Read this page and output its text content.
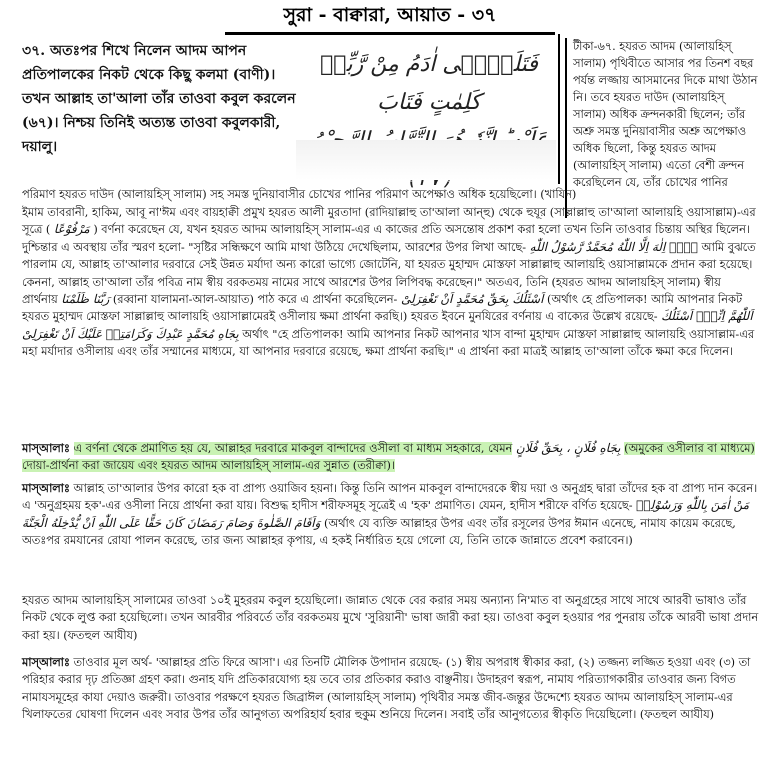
সুরা - বাক্বারা, আয়াত - ৩৭
৩৭. অতঃপর শিখে নিলেন আদম আপন প্রতিপালকের নিকট থেকে কিছু কলমা (বাণী)। তখন আল্লাহ তা'আলা তাঁর তাওবা কবুল করলেন (৬৭)। নিশ্চয় তিনিই অত্যন্ত তাওবা কবুলকারী, দয়ালু।
فَتَلَقّٰۤى اٰدَمُ مِنْ رَّبِّهٖ كَلِمٰتٍ فَتَابَ
টীকা-৬৭. হযরত আদম (আলায়হিস্ সালাম) পৃথিবীতে আসার পর তিনশ বছর পর্যন্ত লজ্জায় আসমানের দিকে মাথা উঠান নি। তবে হযরত দাউদ (আলায়হিস্ সালাম) অধিক ক্রন্দনকারী ছিলেন; তাঁর অশ্রু সমস্ত দুনিয়াবাসীর অশ্রু অপেক্ষাও অধিক ছিলো, কিন্তু হযরত আদম (আলায়হিস্ সালাম) এতো বেশী ক্রন্দন করেছিলেন যে, তাঁর চোখের পানির
পরিমাণ হযরত দাউদ (আলায়হিস্ সালাম) সহ সমস্ত দুনিয়াবাসীর চোখের পানির পরিমাণ অপেক্ষাও অধিক হয়েছিলো। (খাযিন)
ইমাম তাবরানী, হাকিম, আবূ না'ঈম এবং বায়হাক্বী প্রমুখ হযরত আলী মুরতাদা (রাদিয়াল্লাহু তা'আলা আন্হু) থেকে হুযূর (সাল্লাল্লাহু তা'আলা আলায়হি ওয়াসাল্লাম)-এর সূত্রে ( مَرْفُوْعًا ) বর্ণনা করেছেন যে, যখন হযরত আদম আলায়হিস্ সালাম-এর এ কাজের প্রতি অসন্তোষ প্রকাশ করা হলো তখন তিনি তাওবার চিন্তায় অস্থির ছিলেন। দুশ্চিন্তার এ অবস্থায় তাঁর স্মরণ হলো- "সৃষ্টির সন্ধিক্ষণে আমি মাথা উঠিয়ে দেখেছিলাম, আরশের উপর লিখা আছে- لَاۤ اِلٰهَ اِلَّا اللّٰهُ مُحَمَّدٌ رَّسُوْلُ اللّٰهِ আমি বুঝতে পারলাম যে, আল্লাহ তা'আলার দরবারে সেই উন্নত মর্যাদা অন্য কারো ভাগ্যে জোটেনি, যা হযরত মুহাম্মদ মোস্তফা সাল্লাল্লাহু আলায়হি ওয়াসাল্লামকে প্রদান করা হয়েছে। কেননা, আল্লাহ তা'আলা তাঁর পবিত্র নাম স্বীয় বরকতময় নামের সাথে আরশের উপর লিপিবদ্ধ করেছেন।" অতএব, তিনি (হযরত আদম আলায়হিস্ সালাম) স্বীয় প্রার্থনায় رَبَّنَا ظَلَمْنَا (রব্বানা যালামনা-আল-আয়াত) পাঠ করে এ প্রার্থনা করেছিলেন- اَسْئَلُكَ بِحَقِّ مُحَمَّدٍ اَنْ تَغْفِرَلِىْ (অর্থাৎ হে প্রতিপালক! আমি আপনার নিকট হযরত মুহাম্মদ মোস্তফা সাল্লাল্লাহু আলায়হি ওয়াসাল্লামেরই ওসীলায় ক্ষমা প্রার্থনা করছি।) হযরত ইবনে মুনযিরের বর্ণনায় এ বাক্যের উল্লেখ রয়েছে- اَللّٰهُمَّ اِنِّىْۤ اَسْئَلُكَ بِجَاهِ مُحَمَّدٍ عَبْدِكَ وَكَرَامَتِهٖ عَلَيْكَ اَنْ تَغْفِرَلِىْ অর্থাৎ "হে প্রতিপালক! আমি আপনার নিকট আপনার খাস বান্দা মুহাম্মদ মোস্তফা সাল্লাল্লাহু আলায়হি ওয়াসাল্লাম-এর মহা মর্যাদার ওসীলায় এবং তাঁর সম্মানের মাধ্যমে, যা আপনার দরবারে রয়েছে, ক্ষমা প্রার্থনা করছি।" এ প্রার্থনা করা মাত্রই আল্লাহ তা'আলা তাঁকে ক্ষমা করে দিলেন।
মাস্আলাঃ এ বর্ণনা থেকে প্রমাণিত হয় যে, আল্লাহর দরবারে মাকবূল বান্দাদের ওসীলা বা মাধ্যম সহকারে, যেমন بِجَاهِ فُلَانٍ ، بِحَقِّ فُلَانٍ (অমুকের ওসীলার বা মাধ্যমে) দোয়া-প্রার্থনা করা জায়েয এবং হযরত আদম আলায়হিস্ সালাম-এর সুন্নাত (তরীক্বা)।
মাস্আলাঃ আল্লাহ তা'আলার উপর কারো হক বা প্রাপ্য ওয়াজিব হয়না। কিন্তু তিনি আপন মাকবূল বান্দাদেরকে স্বীয় দয়া ও অনুগ্রহ দ্বারা তাঁদের হক বা প্রাপ্য দান করেন। এ 'অনুগ্রহময় হক'-এর ওসীলা নিয়ে প্রার্থনা করা যায়। বিশুদ্ধ হাদীস শরীফসমূহ সূত্রেই এ 'হক' প্রমাণিত। যেমন, হাদীস শরীফে বর্ণিত হয়েছে- مَنْ اٰمَنَ بِاللّٰهِ وَرَسُوْلِهٖ وَاَقَامَ الصَّلٰوةَ وَصَامَ رَمَضَانَ كَانَ حَقًّا عَلَى اللّٰهِ اَنْ يُّدْخِلَهُ الْجَنَّةَ (অর্থাৎ যে ব্যক্তি আল্লাহর উপর এবং তাঁর রসূলের উপর ঈমান এনেছে, নামায কায়েম করেছে, অতঃপর রমযানের রোযা পালন করেছে, তার জন্য আল্লাহর কৃপায়, এ হকই নির্ধারিত হয়ে গেলো যে, তিনি তাকে জান্নাতে প্রবেশ করাবেন।)
হযরত আদম আলায়হিস্ সালামের তাওবা ১০ই মুহররম কবুল হয়েছিলো। জান্নাত থেকে বের করার সময় অন্যান্য নি'মাত বা অনুগ্রহের সাথে সাথে আরবী ভাষাও তাঁর নিকট থেকে লুপ্ত করা হয়েছিলো। তখন আরবীর পরিবর্তে তাঁর বরকতময় মুখে 'সুরিয়ানী' ভাষা জারী করা হয়। তাওবা কবুল হওয়ার পর পুনরায় তাঁকে আরবী ভাষা প্রদান করা হয়। (ফতহুল আযীয)
মাস্আলাঃ তাওবার মূল অর্থ- 'আল্লাহর প্রতি ফিরে আসা'। এর তিনটি মৌলিক উপাদান রয়েছে- (১) স্বীয় অপরাধ স্বীকার করা, (২) তজ্জন্য লজ্জিত হওয়া এবং (৩) তা পরিহার করার দৃঢ় প্রতিজ্ঞা গ্রহণ করা। গুনাহ যদি প্রতিকারযোগ্য হয় তবে তার প্রতিকার করাও বাঞ্ছনীয়। উদাহরণ স্বরূপ, নামায পরিত্যাগকারীর তাওবার জন্য বিগত নামাযসমূহের কাযা দেয়াও জরুরী। তাওবার পরক্ষণে হযরত জিব্রাঈল (আলায়হিস্ সালাম) পৃথিবীর সমস্ত জীব-জন্তুর উদ্দেশ্যে হযরত আদম আলায়হিস্ সালাম-এর খিলাফতের ঘোষণা দিলেন এবং সবার উপর তাঁর আনুগত্য অপরিহার্য হবার হুকুম শুনিয়ে দিলেন। সবাই তাঁর আনুগত্যের স্বীকৃতি দিয়েছিলো। (ফতহুল আযীয)
